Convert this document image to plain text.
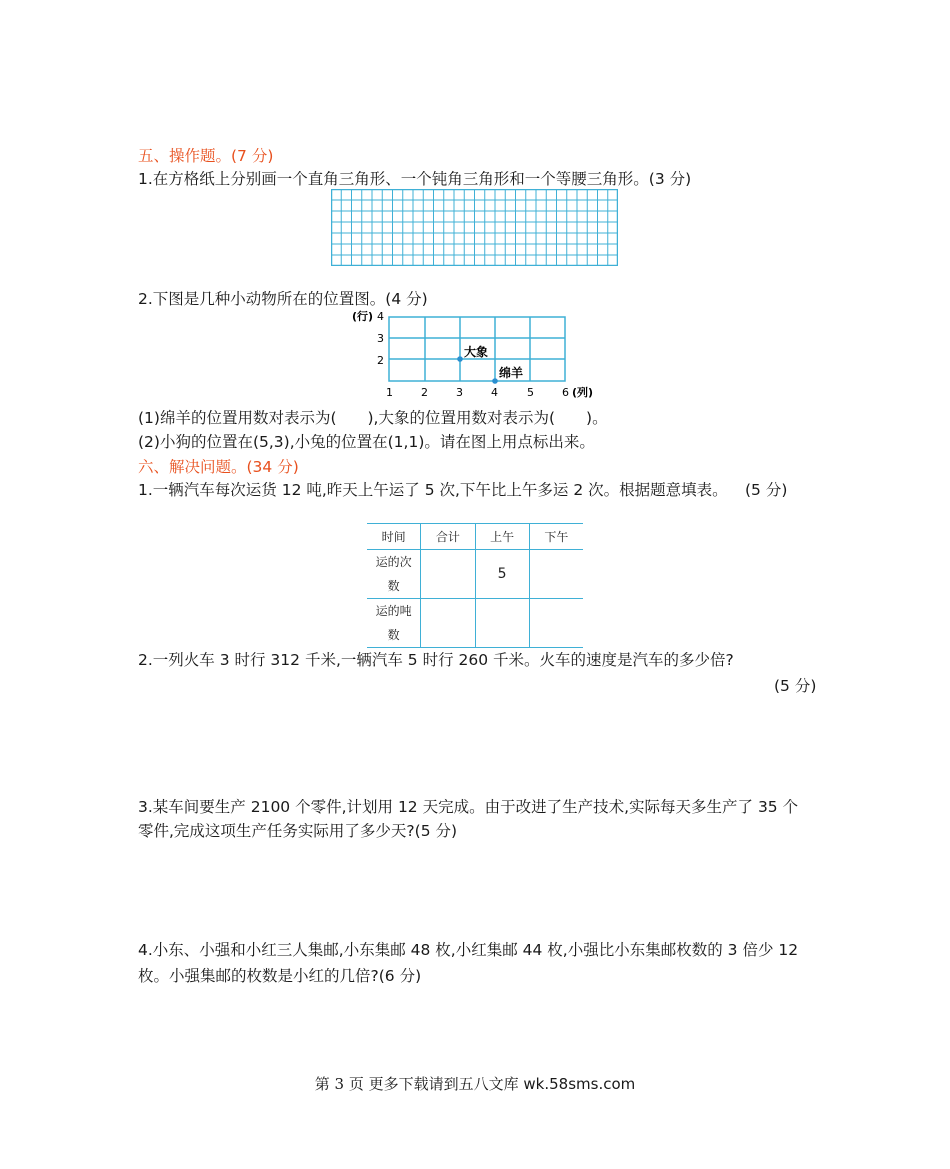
五、操作题。(7 分)
1.在方格纸上分别画一个直角三角形、一个钝角三角形和一个等腰三角形。(3 分)
2.下图是几种小动物所在的位置图。(4 分)
(行) 4
3
2
1	2	3	4	5	6 (列)
大象
绵羊
(1)绵羊的位置用数对表示为(　　),大象的位置用数对表示为(　　)。
(2)小狗的位置在(5,3),小兔的位置在(1,1)。请在图上用点标出来。
六、解决问题。(34 分)
1.一辆汽车每次运货 12 吨,昨天上午运了 5 次,下午比上午多运 2 次。根据题意填表。 (5 分)
时间	合计	上午	下午

运的次
数		5	

运的吨
数			

2.一列火车 3 时行 312 千米,一辆汽车 5 时行 260 千米。火车的速度是汽车的多少倍?
(5 分)
3.某车间要生产 2100 个零件,计划用 12 天完成。由于改进了生产技术,实际每天多生产了 35 个
零件,完成这项生产任务实际用了多少天?(5 分)
4.小东、小强和小红三人集邮,小东集邮 48 枚,小红集邮 44 枚,小强比小东集邮枚数的 3 倍少 12
枚。小强集邮的枚数是小红的几倍?(6 分)
第 3 页 更多下载请到五八文库 wk.58sms.com
